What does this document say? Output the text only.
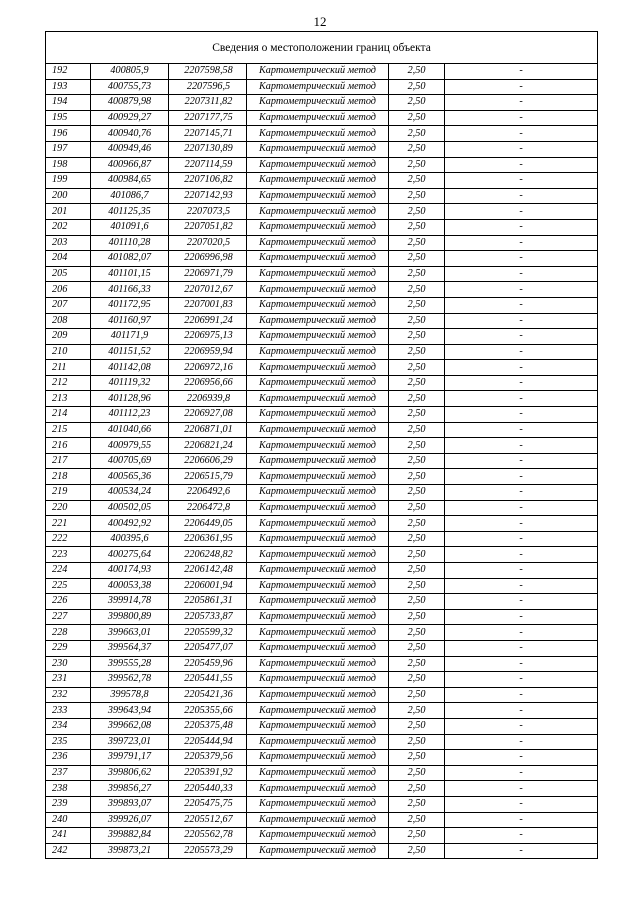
12
Сведения о местоположении границ объекта					
192	400805,9	2207598,58	Картометрический метод	2,50	-
193	400755,73	2207596,5	Картометрический метод	2,50	-
194	400879,98	2207311,82	Картометрический метод	2,50	-
195	400929,27	2207177,75	Картометрический метод	2,50	-
196	400940,76	2207145,71	Картометрический метод	2,50	-
197	400949,46	2207130,89	Картометрический метод	2,50	-
198	400966,87	2207114,59	Картометрический метод	2,50	-
199	400984,65	2207106,82	Картометрический метод	2,50	-
200	401086,7	2207142,93	Картометрический метод	2,50	-
201	401125,35	2207073,5	Картометрический метод	2,50	-
202	401091,6	2207051,82	Картометрический метод	2,50	-
203	401110,28	2207020,5	Картометрический метод	2,50	-
204	401082,07	2206996,98	Картометрический метод	2,50	-
205	401101,15	2206971,79	Картометрический метод	2,50	-
206	401166,33	2207012,67	Картометрический метод	2,50	-
207	401172,95	2207001,83	Картометрический метод	2,50	-
208	401160,97	2206991,24	Картометрический метод	2,50	-
209	401171,9	2206975,13	Картометрический метод	2,50	-
210	401151,52	2206959,94	Картометрический метод	2,50	-
211	401142,08	2206972,16	Картометрический метод	2,50	-
212	401119,32	2206956,66	Картометрический метод	2,50	-
213	401128,96	2206939,8	Картометрический метод	2,50	-
214	401112,23	2206927,08	Картометрический метод	2,50	-
215	401040,66	2206871,01	Картометрический метод	2,50	-
216	400979,55	2206821,24	Картометрический метод	2,50	-
217	400705,69	2206606,29	Картометрический метод	2,50	-
218	400565,36	2206515,79	Картометрический метод	2,50	-
219	400534,24	2206492,6	Картометрический метод	2,50	-
220	400502,05	2206472,8	Картометрический метод	2,50	-
221	400492,92	2206449,05	Картометрический метод	2,50	-
222	400395,6	2206361,95	Картометрический метод	2,50	-
223	400275,64	2206248,82	Картометрический метод	2,50	-
224	400174,93	2206142,48	Картометрический метод	2,50	-
225	400053,38	2206001,94	Картометрический метод	2,50	-
226	399914,78	2205861,31	Картометрический метод	2,50	-
227	399800,89	2205733,87	Картометрический метод	2,50	-
228	399663,01	2205599,32	Картометрический метод	2,50	-
229	399564,37	2205477,07	Картометрический метод	2,50	-
230	399555,28	2205459,96	Картометрический метод	2,50	-
231	399562,78	2205441,55	Картометрический метод	2,50	-
232	399578,8	2205421,36	Картометрический метод	2,50	-
233	399643,94	2205355,66	Картометрический метод	2,50	-
234	399662,08	2205375,48	Картометрический метод	2,50	-
235	399723,01	2205444,94	Картометрический метод	2,50	-
236	399791,17	2205379,56	Картометрический метод	2,50	-
237	399806,62	2205391,92	Картометрический метод	2,50	-
238	399856,27	2205440,33	Картометрический метод	2,50	-
239	399893,07	2205475,75	Картометрический метод	2,50	-
240	399926,07	2205512,67	Картометрический метод	2,50	-
241	399882,84	2205562,78	Картометрический метод	2,50	-
242	399873,21	2205573,29	Картометрический метод	2,50	-
